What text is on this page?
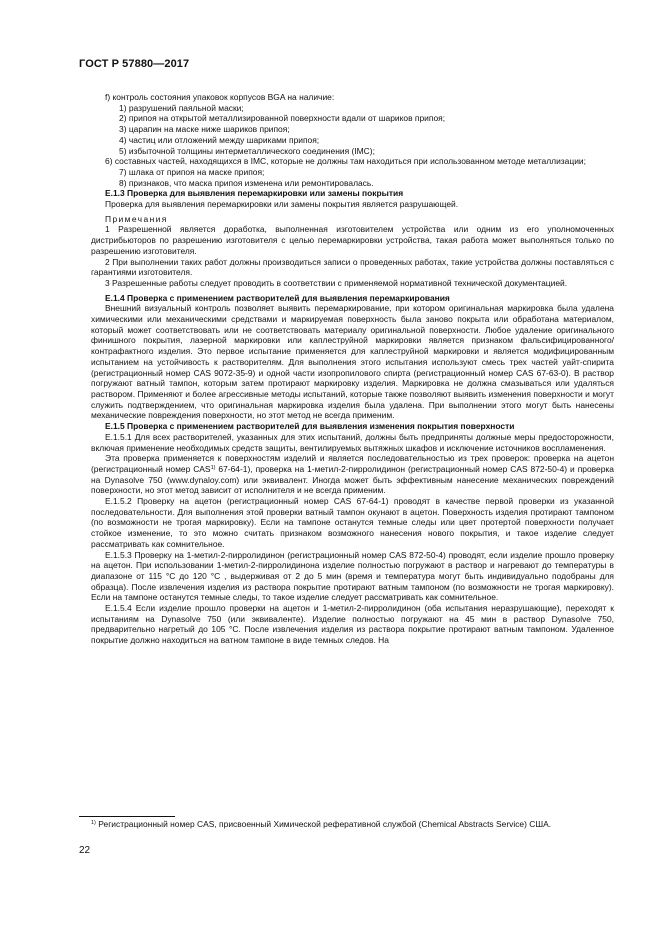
ГОСТ Р 57880—2017
f) контроль состояния упаковок корпусов BGA на наличие:
1) разрушений паяльной маски;
2) припоя на открытой металлизированной поверхности вдали от шариков припоя;
3) царапин на маске ниже шариков припоя;
4) частиц или отложений между шариками припоя;
5) избыточной толщины интерметаллического соединения (IMC);
6) составных частей, находящихся в IMC, которые не должны там находиться при использованном методе металлизации;
7) шлака от припоя на маске припоя;
8) признаков, что маска припоя изменена или ремонтировалась.
Е.1.3 Проверка для выявления перемаркировки или замены покрытия
Проверка для выявления перемаркировки или замены покрытия является разрушающей.
Примечания
1 Разрешенной является доработка, выполненная изготовителем устройства или одним из его уполномоченных дистрибьюторов по разрешению изготовителя с целью перемаркировки устройства, такая работа может выполняться только по разрешению изготовителя.
2 При выполнении таких работ должны производиться записи о проведенных работах, такие устройства должны поставляться с гарантиями изготовителя.
3 Разрешенные работы следует проводить в соответствии с применяемой нормативной технической документацией.
Е.1.4 Проверка с применением растворителей для выявления перемаркирования
Внешний визуальный контроль позволяет выявить перемаркирование, при котором оригинальная маркировка была удалена химическими или механическими средствами и маркируемая поверхность была заново покрыта или обработана материалом, который может соответствовать или не соответствовать материалу оригинальной поверхности. Любое удаление оригинального финишного покрытия, лазерной маркировки или каплеструйной маркировки является признаком фальсифицированного/контрафактного изделия. Это первое испытание применяется для каплеструйной маркировки и является модифицированным испытанием на устойчивость к растворителям. Для выполнения этого испытания используют смесь трех частей уайт-спирита (регистрационный номер CAS 9072-35-9) и одной части изопропилового спирта (регистрационный номер CAS 67-63-0). В раствор погружают ватный тампон, которым затем протирают маркировку изделия. Маркировка не должна смазываться или удаляться раствором. Применяют и более агрессивные методы испытаний, которые также позволяют выявить изменения поверхности и могут служить подтверждением, что оригинальная маркировка изделия была удалена. При выполнении этого могут быть нанесены механические повреждения поверхности, но этот метод не всегда применим.
Е.1.5 Проверка с применением растворителей для выявления изменения покрытия поверхности
Е.1.5.1 Для всех растворителей, указанных для этих испытаний, должны быть предприняты должные меры предосторожности, включая применение необходимых средств защиты, вентилируемых вытяжных шкафов и исключение источников воспламенения.
Эта проверка применяется к поверхностям изделий и является последовательностью из трех проверок: проверка на ацетон (регистрационный номер CAS$^{1)}$ 67-64-1), проверка на 1-метил-2-пирролидинон (регистрационный номер CAS 872-50-4) и проверка на Dynasolve 750 (www.dynaloy.com) или эквивалент. Иногда может быть эффективным нанесение механических повреждений поверхности, но этот метод зависит от исполнителя и не всегда применим.
Е.1.5.2 Проверку на ацетон (регистрационный номер CAS 67-64-1) проводят в качестве первой проверки из указанной последовательности. Для выполнения этой проверки ватный тампон окунают в ацетон. Поверхность изделия протирают тампоном (по возможности не трогая маркировку). Если на тампоне останутся темные следы или цвет протертой поверхности получает стойкое изменение, то это можно считать признаком возможного нанесения нового покрытия, и такое изделие следует рассматривать как сомнительное.
Е.1.5.3 Проверку на 1-метил-2-пирролидинон (регистрационный номер CAS 872-50-4) проводят, если изделие прошло проверку на ацетон. При использовании 1-метил-2-пирролидинона изделие полностью погружают в раствор и нагревают до температуры в диапазоне от 115 °С до 120 °С , выдерживая от 2 до 5 мин (время и температура могут быть индивидуально подобраны для образца). После извлечения изделия из раствора покрытие протирают ватным тампоном (по возможности не трогая маркировку). Если на тампоне останутся темные следы, то такое изделие следует рассматривать как сомнительное.
Е.1.5.4 Если изделие прошло проверки на ацетон и 1-метил-2-пирролидинон (оба испытания неразрушающие), переходят к испытаниям на Dynasolve 750 (или эквиваленте). Изделие полностью погружают на 45 мин в раствор Dynasolve 750, предварительно нагретый до 105 °С. После извлечения изделия из раствора покрытие протирают ватным тампоном. Удаленное покрытие должно находиться на ватном тампоне в виде темных следов. На
$^{1)}$ Регистрационный номер CAS, присвоенный Химической реферативной службой (Chemical Abstracts Service) США.
22
